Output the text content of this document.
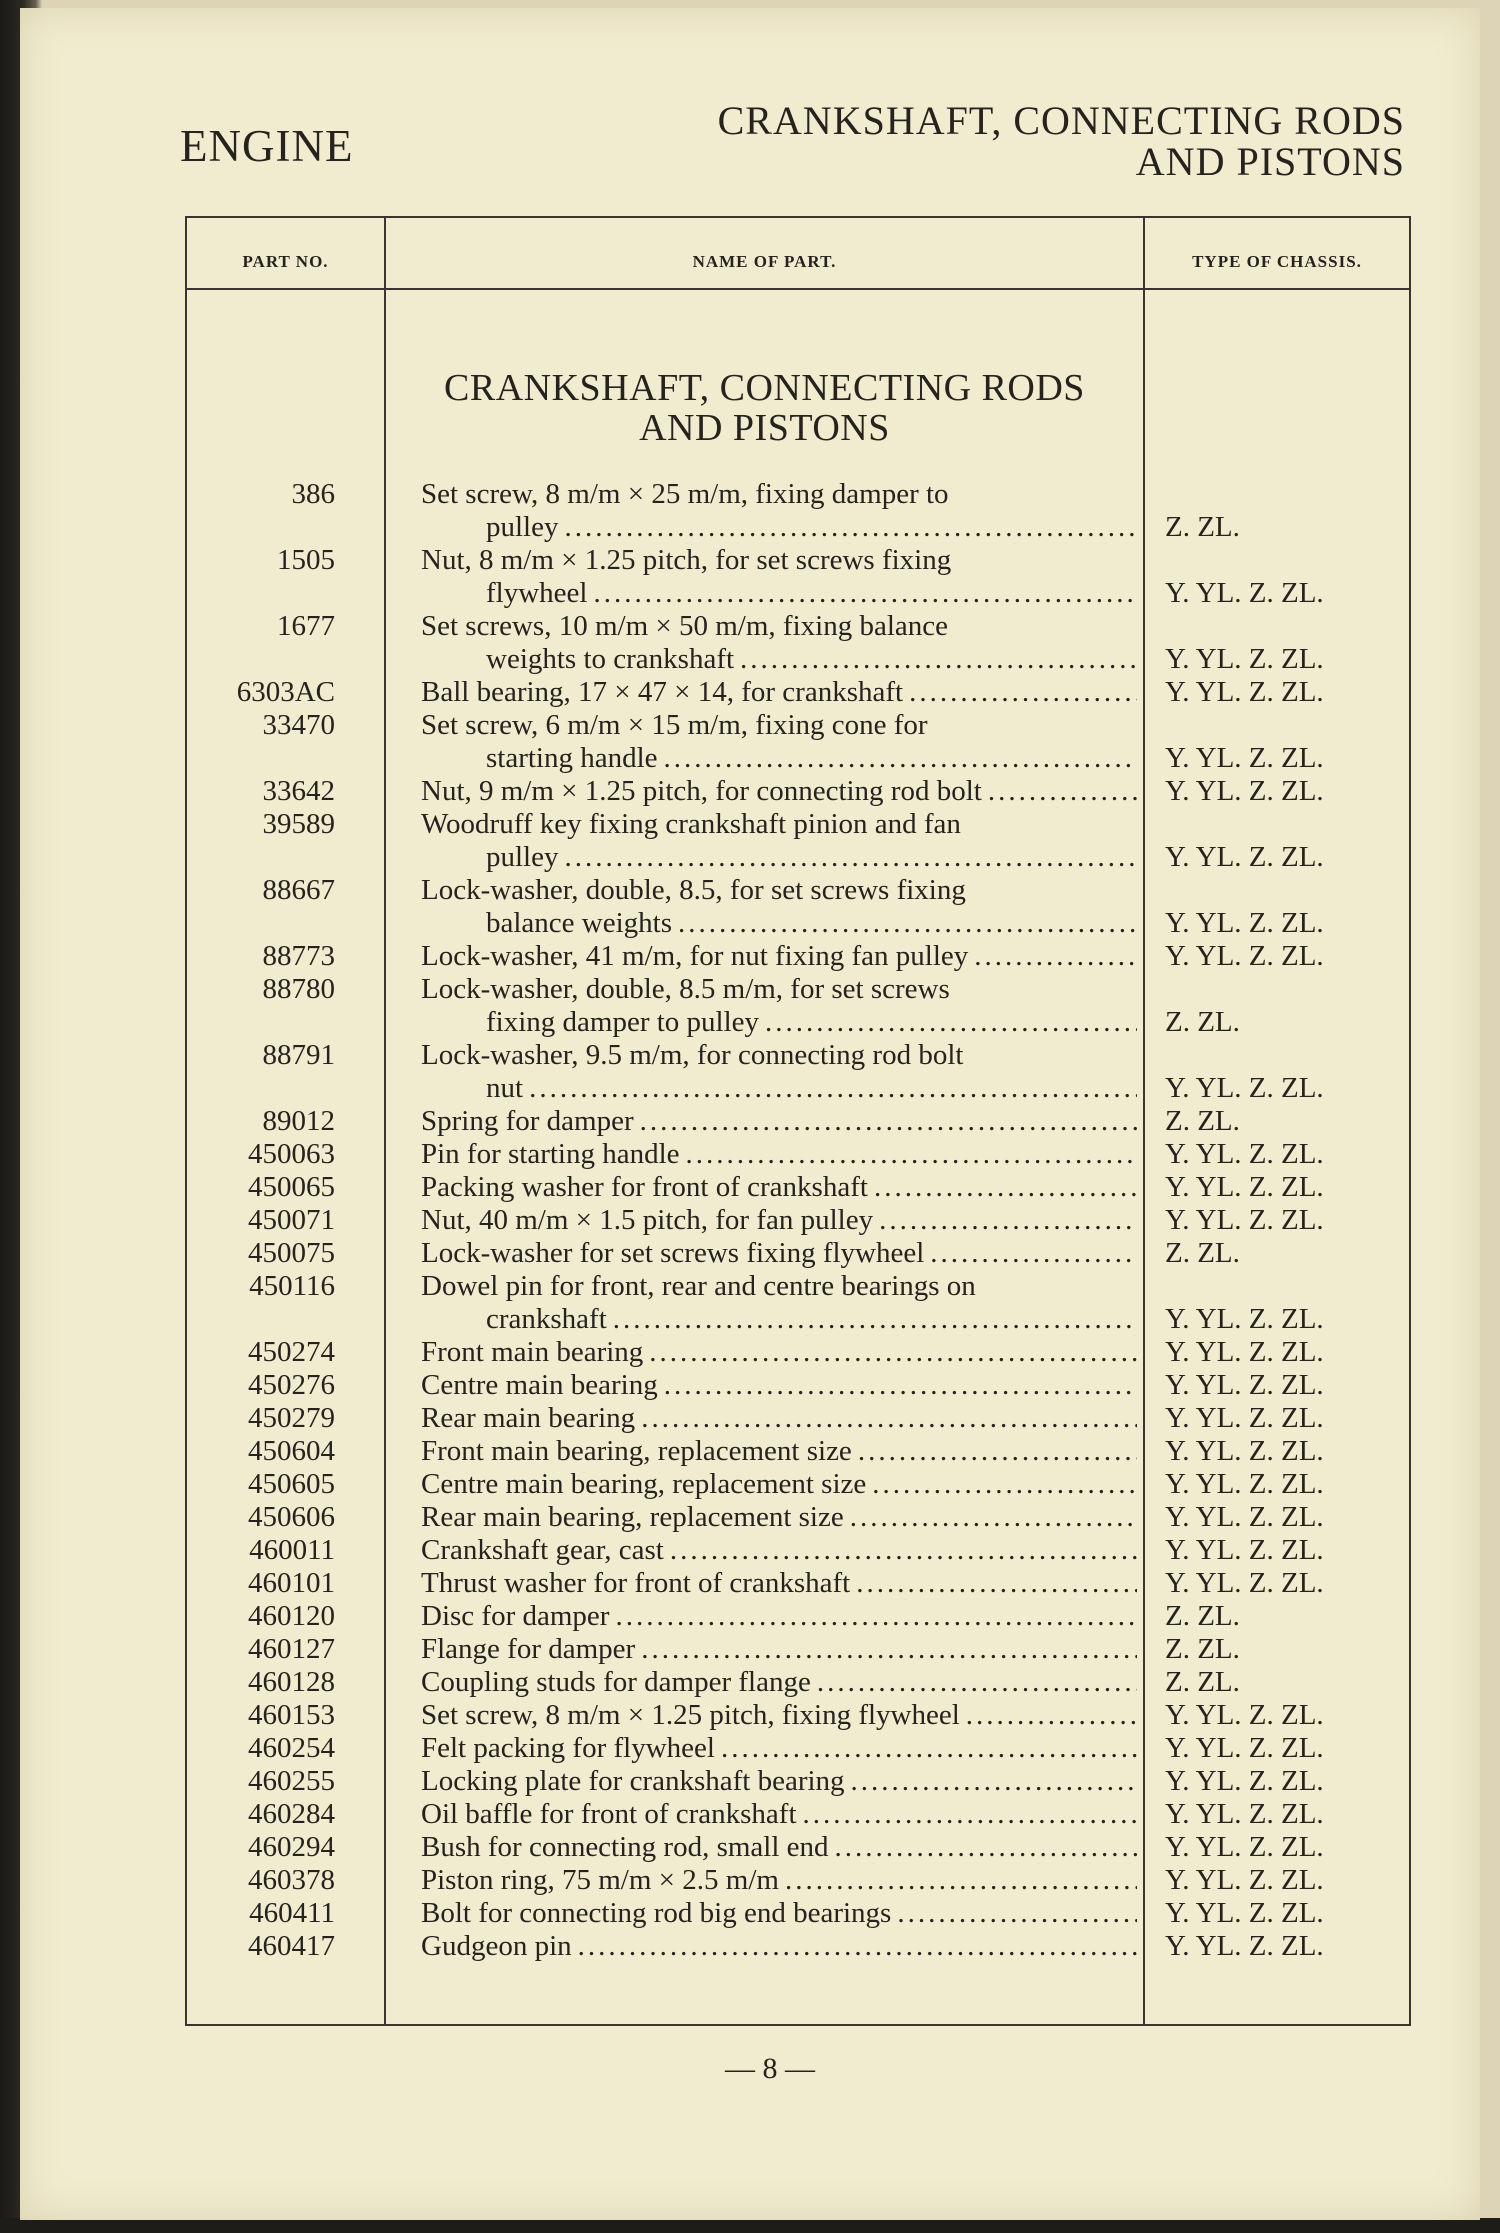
ENGINE
CRANKSHAFT, CONNECTING RODS
AND PISTONS
PART NO.	NAME OF PART.	TYPE OF CHASSIS.
CRANKSHAFT, CONNECTING RODS
AND PISTONS
386	Set screw, 8 m/m × 25 m/m, fixing damper to
pulley .....	Z. ZL.
1505	Nut, 8 m/m × 1.25 pitch, for set screws fixing
flywheel .....	Y. YL. Z. ZL.
1677	Set screws, 10 m/m × 50 m/m, fixing balance
weights to crankshaft .....	Y. YL. Z. ZL.
6303AC	Ball bearing, 17 × 47 × 14, for crankshaft .....	Y. YL. Z. ZL.
33470	Set screw, 6 m/m × 15 m/m, fixing cone for
starting handle .....	Y. YL. Z. ZL.
33642	Nut, 9 m/m × 1.25 pitch, for connecting rod bolt .....	Y. YL. Z. ZL.
39589	Woodruff key fixing crankshaft pinion and fan
pulley .....	Y. YL. Z. ZL.
88667	Lock-washer, double, 8.5, for set screws fixing
balance weights .....	Y. YL. Z. ZL.
88773	Lock-washer, 41 m/m, for nut fixing fan pulley .....	Y. YL. Z. ZL.
88780	Lock-washer, double, 8.5 m/m, for set screws
fixing damper to pulley .....	Z. ZL.
88791	Lock-washer, 9.5 m/m, for connecting rod bolt
nut .....	Y. YL. Z. ZL.
89012	Spring for damper .....	Z. ZL.
450063	Pin for starting handle .....	Y. YL. Z. ZL.
450065	Packing washer for front of crankshaft .....	Y. YL. Z. ZL.
450071	Nut, 40 m/m × 1.5 pitch, for fan pulley .....	Y. YL. Z. ZL.
450075	Lock-washer for set screws fixing flywheel .....	Z. ZL.
450116	Dowel pin for front, rear and centre bearings on
crankshaft .....	Y. YL. Z. ZL.
450274	Front main bearing .....	Y. YL. Z. ZL.
450276	Centre main bearing .....	Y. YL. Z. ZL.
450279	Rear main bearing .....	Y. YL. Z. ZL.
450604	Front main bearing, replacement size .....	Y. YL. Z. ZL.
450605	Centre main bearing, replacement size .....	Y. YL. Z. ZL.
450606	Rear main bearing, replacement size .....	Y. YL. Z. ZL.
460011	Crankshaft gear, cast .....	Y. YL. Z. ZL.
460101	Thrust washer for front of crankshaft .....	Y. YL. Z. ZL.
460120	Disc for damper .....	Z. ZL.
460127	Flange for damper .....	Z. ZL.
460128	Coupling studs for damper flange .....	Z. ZL.
460153	Set screw, 8 m/m × 1.25 pitch, fixing flywheel .....	Y. YL. Z. ZL.
460254	Felt packing for flywheel .....	Y. YL. Z. ZL.
460255	Locking plate for crankshaft bearing .....	Y. YL. Z. ZL.
460284	Oil baffle for front of crankshaft .....	Y. YL. Z. ZL.
460294	Bush for connecting rod, small end .....	Y. YL. Z. ZL.
460378	Piston ring, 75 m/m × 2.5 m/m .....	Y. YL. Z. ZL.
460411	Bolt for connecting rod big end bearings .....	Y. YL. Z. ZL.
460417	Gudgeon pin .....	Y. YL. Z. ZL.
— 8 —
